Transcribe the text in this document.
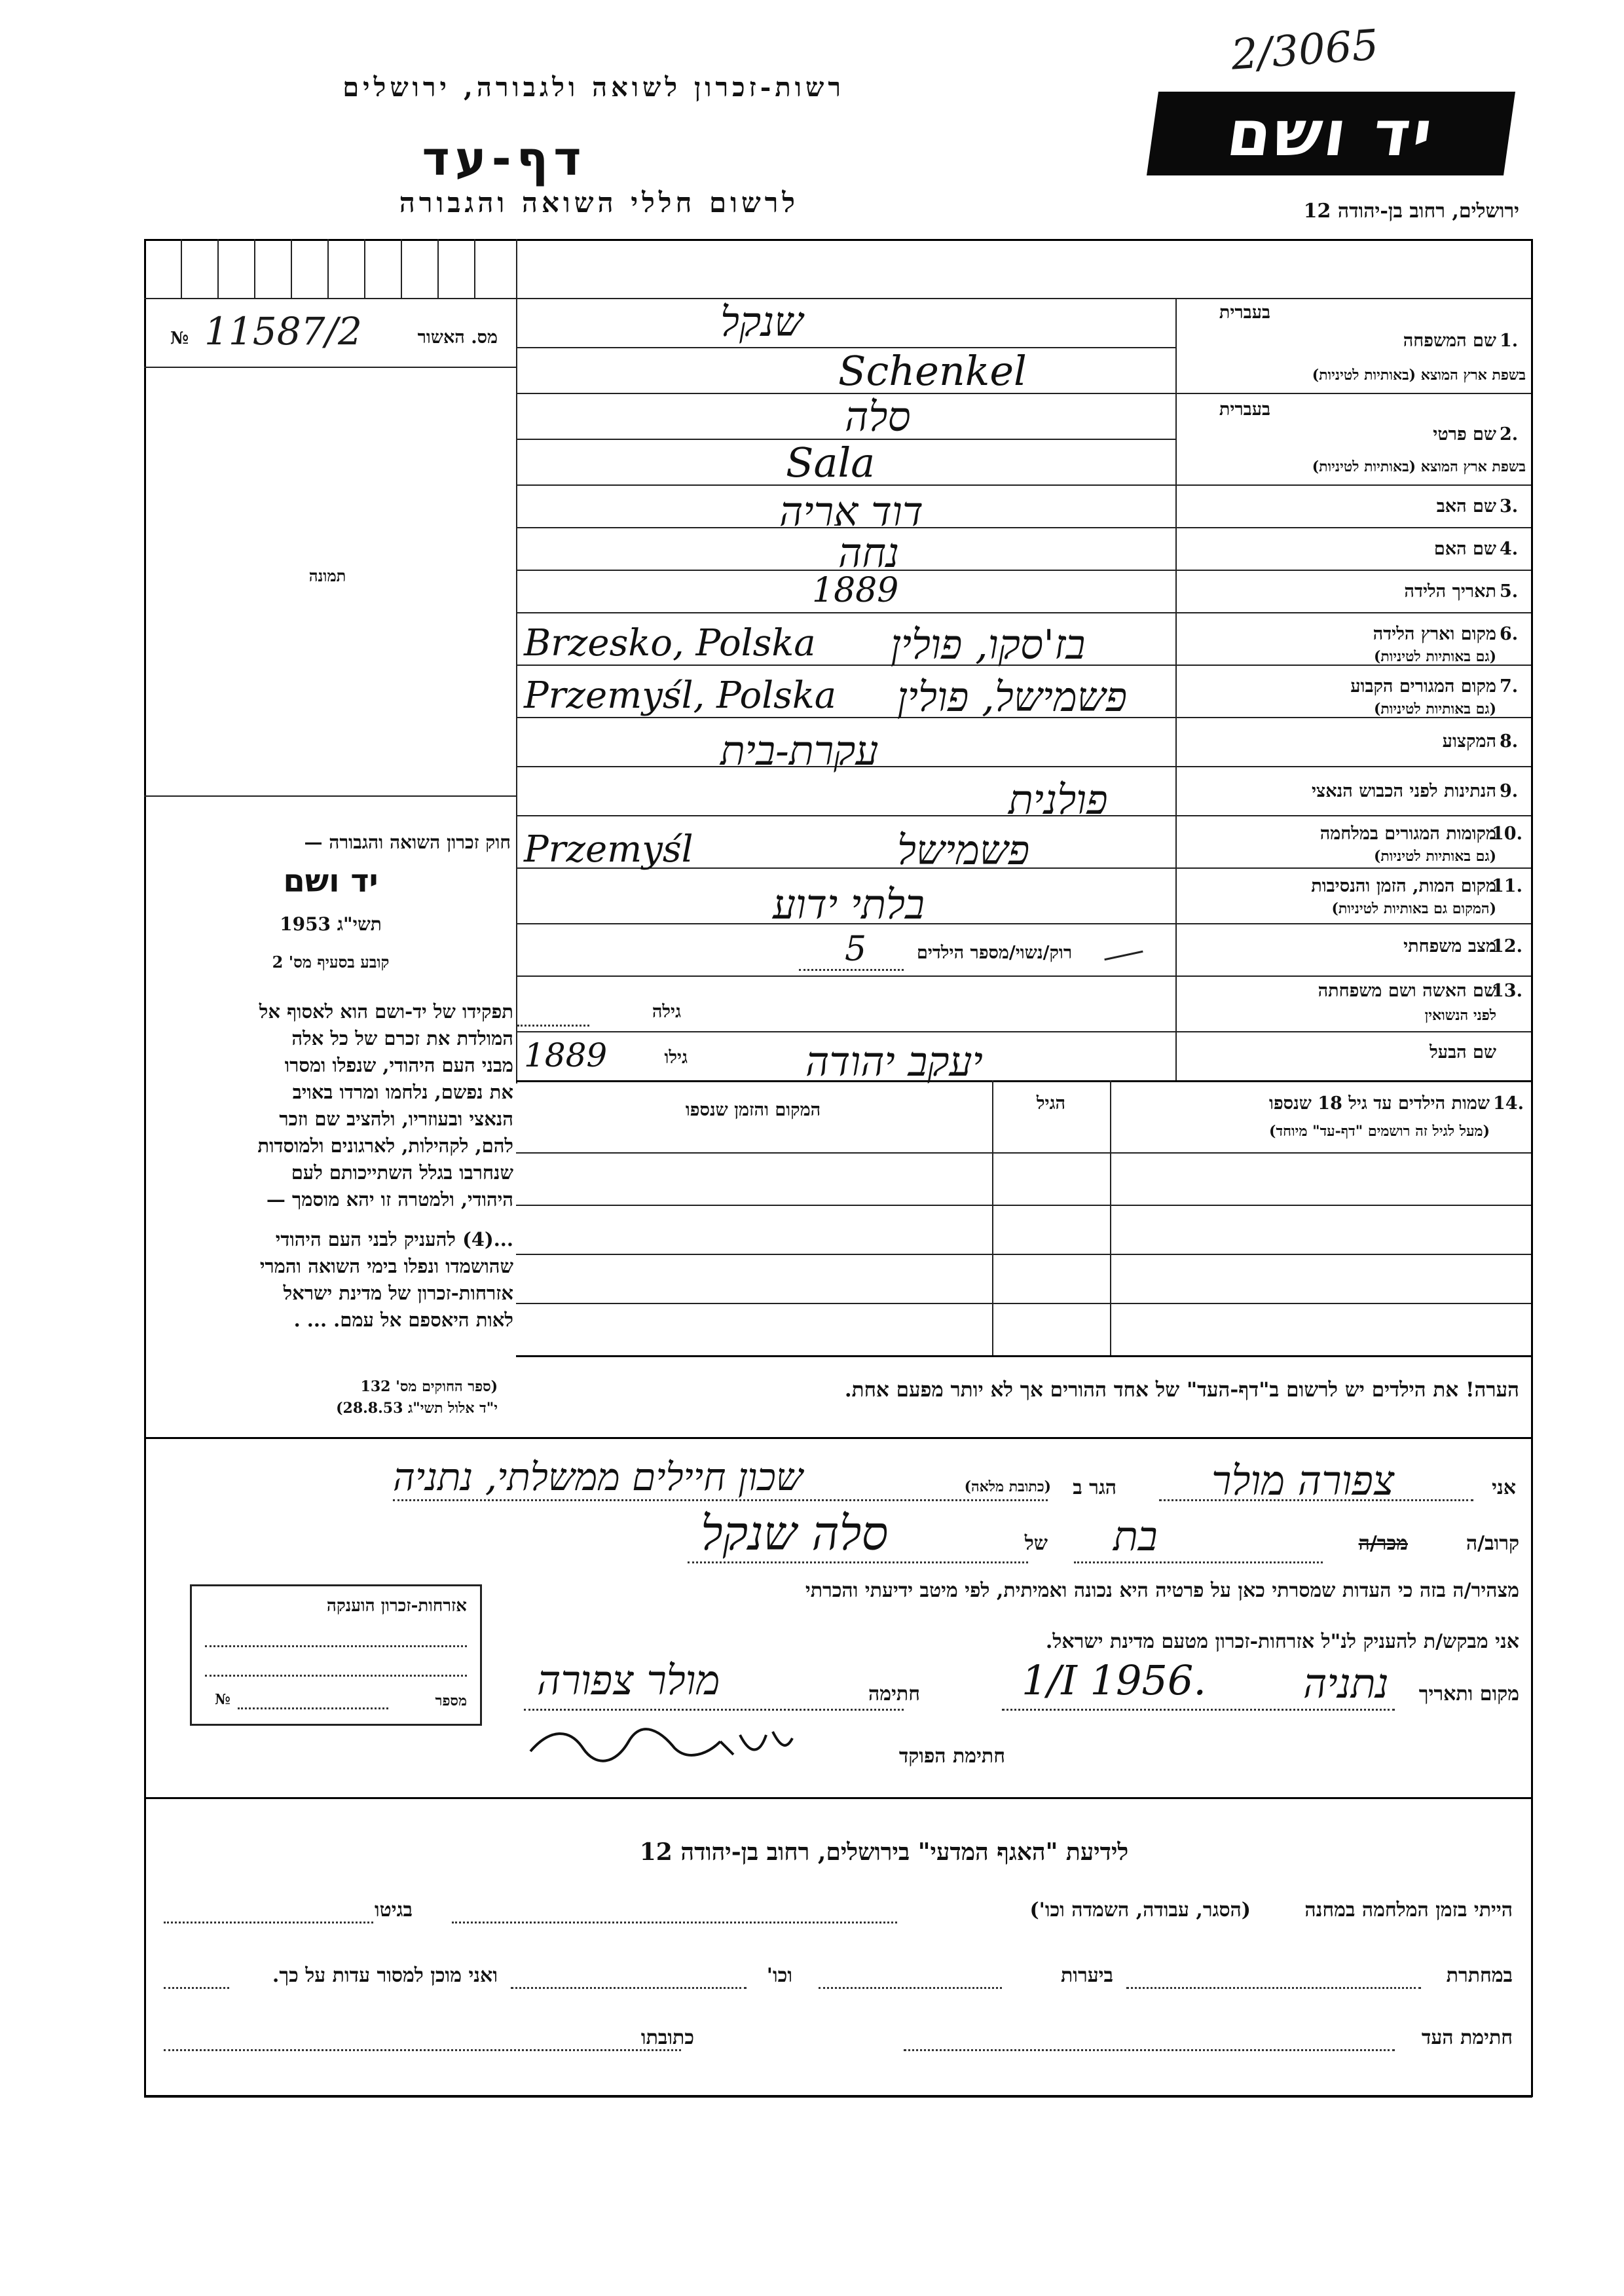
2/3065
רשות-זכרון לשואה ולגבורה, ירושלים
דף-עד
לרשום חללי השואה והגבורה
יד ושם
ירושלים, רחוב בן-יהודה 12
№ 11587/2	מס. האשור
תמונה
חוק זכרון השואה והגבורה —
יד ושם
תשי"ג 1953
קובע בסעיף מס' 2
תפקידו של יד-ושם הוא לאסוף אל
המולדת את זכרם של כל אלה
מבני העם היהודי, שנפלו ומסרו
את נפשם, נלחמו ומרדו באויב
הנאצי ובעוזריו, ולהציב שם וזכר
להם, לקהילות, לארגונים ולמוסדות
שנחרבו בגלל השתייכותם לעם
היהודי, ולמטרה זו יהא מוסמך —
...(4) להעניק לבני העם היהודי
שהושמדו ונפלו בימי השואה והמרי
אזרחות-זכרון של מדינת ישראל
לאות היאספם אל עמם. ... .
(ספר החוקים מס' 132
י"ד אלול תשי"ג 28.8.53)
1.
בעברית
שם המשפחה
בשפת ארץ המוצא (באותיות לטיניות)
2.
בעברית
שם פרטי
בשפת ארץ המוצא (באותיות לטיניות)
3.
שם האב
4.
שם האם
5.
תאריך הלידה
6.
מקום וארץ הלידה
(גם באותיות לטיניות)
7.
מקום המגורים הקבוע
(גם באותיות לטיניות)
8.
המקצוע
9.
הנתינות לפני הכבוש הנאצי
10.
מקומות המגורים במלחמה
(גם באותיות לטיניות)
11.
מקום המות, הזמן והנסיבות
(המקום גם באותיות לטיניות)
12.
מצב משפחתי
13.
שם האשה ושם משפחתה
לפני הנשואין
שם הבעל
שנקל
Schenkel
סלה
Sala
דוד אריה
נחה
1889
Brzesko, Polska בז'סקו, פולין
Przemyśl, Polska פשמישל, פולין
עקרת-בית
פולנית
Przemyśl	פשמישל
בלתי ידוע
רוק/נשוי/מספר הילדים
5
גילה
יעקב יהודה
גילו
1889
14.
שמות הילדים עד גיל 18 שנספו
(מעל לגיל זה רושמים "דף-עד" מיוחד)
הגיל
המקום והזמן שנספו
הערה! את הילדים יש לרשום ב"דף-העד" של אחד ההורים אך לא יותר מפעם אחת.
אני
צפורה מולר
הגר ב
(כתובת מלאה)
שכון חיילים ממשלתי, נתניה
קרוב/ה
מכר/ה
בת
של
סלה שנקל
מצהיר/ה בזה כי העדות שמסרתי כאן על פרטיה היא נכונה ואמיתית, לפי מיטב ידיעתי והכרתי
אני מבקש/ת להעניק לנ"ל אזרחות-זכרון מטעם מדינת ישראל.
מקום ותאריך
נתניה
1/I 1956.
חתימה
מולר צפורה
חתימת הפוקד
אזרחות-זכרון הוענקה
מספר
№
לידיעת "האגף המדעי" בירושלים, רחוב בן-יהודה 12
הייתי בזמן המלחמה במחנה
(הסגר, עבודה, השמדה וכו')
בגיטו
במחתרת
ביערות
וכו'
ואני מוכן למסור עדות על כך.
חתימת העד
כתובתו
